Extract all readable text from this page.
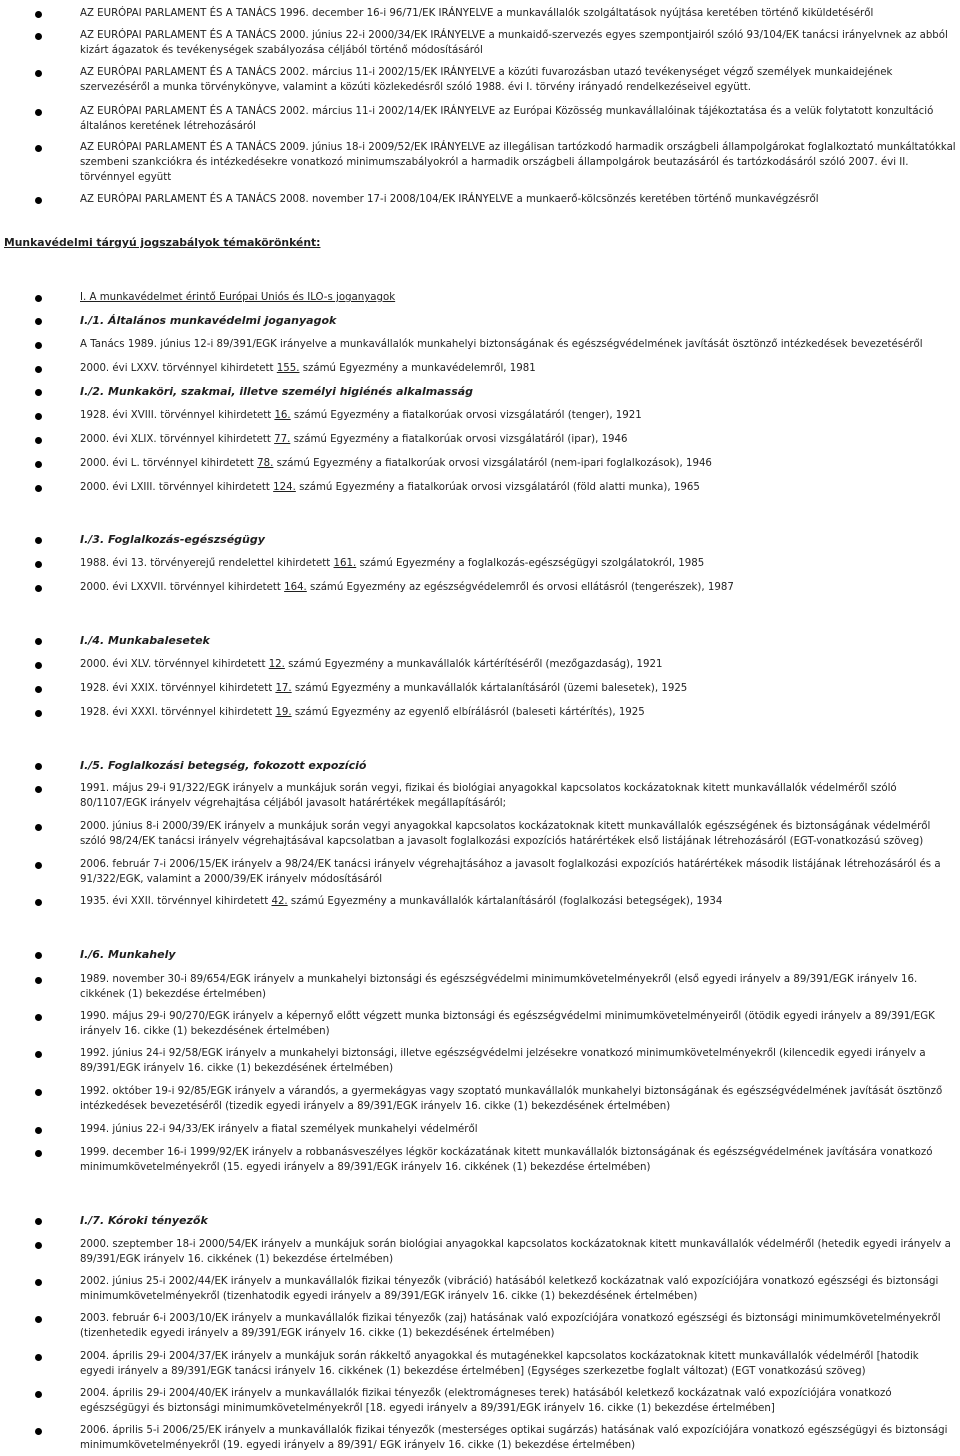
AZ EURÓPAI PARLAMENT ÉS A TANÁCS 1996. december 16-i 96/71/EK IRÁNYELVE a munkavállalók szolgáltatások nyújtása keretében történő kiküldetéséről
AZ EURÓPAI PARLAMENT ÉS A TANÁCS 2000. június 22-i 2000/34/EK IRÁNYELVE a munkaidő-szervezés egyes szempontjairól szóló 93/104/EK tanácsi irányelvnek az abból kizárt ágazatok és tevékenységek szabályozása céljából történő módosításáról
AZ EURÓPAI PARLAMENT ÉS A TANÁCS 2002. március 11-i 2002/15/EK IRÁNYELVE a közúti fuvarozásban utazó tevékenységet végző személyek munkaidejének szervezéséről a munka törvénykönyve, valamint a közúti közlekedésről szóló 1988. évi I. törvény irányadó rendelkezéseivel együtt.
AZ EURÓPAI PARLAMENT ÉS A TANÁCS 2002. március 11-i 2002/14/EK IRÁNYELVE az Európai Közösség munkavállalóinak tájékoztatása és a velük folytatott konzultáció általános keretének létrehozásáról
AZ EURÓPAI PARLAMENT ÉS A TANÁCS 2009. június 18-i 2009/52/EK IRÁNYELVE az illegálisan tartózkodó harmadik országbeli állampolgárokat foglalkoztató munkáltatókkal szembeni szankciókra és intézkedésekre vonatkozó minimumszabályokról a harmadik országbeli állampolgárok beutazásáról és tartózkodásáról szóló 2007. évi II. törvénnyel együtt
AZ EURÓPAI PARLAMENT ÉS A TANÁCS 2008. november 17-i 2008/104/EK IRÁNYELVE a munkaerő-kölcsönzés keretében történő munkavégzésről
Munkavédelmi tárgyú jogszabályok témakörönként:
I. A munkavédelmet érintő Európai Uniós és ILO-s joganyagok
I./1. Általános munkavédelmi joganyagok
A Tanács 1989. június 12-i 89/391/EGK irányelve a munkavállalók munkahelyi biztonságának és egészségvédelmének javítását ösztönző intézkedések bevezetéséről
2000. évi LXXV. törvénnyel kihirdetett 155. számú Egyezmény a munkavédelemről, 1981
I./2. Munkaköri, szakmai, illetve személyi higiénés alkalmasság
1928. évi XVIII. törvénnyel kihirdetett 16. számú Egyezmény a fiatalkorúak orvosi vizsgálatáról (tenger), 1921
2000. évi XLIX. törvénnyel kihirdetett 77. számú Egyezmény a fiatalkorúak orvosi vizsgálatáról (ipar), 1946
2000. évi L. törvénnyel kihirdetett 78. számú Egyezmény a fiatalkorúak orvosi vizsgálatáról (nem-ipari foglalkozások), 1946
2000. évi LXIII. törvénnyel kihirdetett 124. számú Egyezmény a fiatalkorúak orvosi vizsgálatáról (föld alatti munka), 1965
I./3. Foglalkozás-egészségügy
1988. évi 13. törvényerejű rendelettel kihirdetett 161. számú Egyezmény a foglalkozás-egészségügyi szolgálatokról, 1985
2000. évi LXXVII. törvénnyel kihirdetett 164. számú Egyezmény az egészségvédelemről és orvosi ellátásról (tengerészek), 1987
I./4. Munkabalesetek
2000. évi XLV. törvénnyel kihirdetett 12. számú Egyezmény a munkavállalók kártérítéséről (mezőgazdaság), 1921
1928. évi XXIX. törvénnyel kihirdetett 17. számú Egyezmény a munkavállalók kártalanításáról (üzemi balesetek), 1925
1928. évi XXXI. törvénnyel kihirdetett 19. számú Egyezmény az egyenlő elbírálásról (baleseti kártérítés), 1925
I./5. Foglalkozási betegség, fokozott expozíció
1991. május 29-i 91/322/EGK irányelv a munkájuk során vegyi, fizikai és biológiai anyagokkal kapcsolatos kockázatoknak kitett munkavállalók védelméről szóló 80/1107/EGK irányelv végrehajtása céljából javasolt határértékek megállapításáról;
2000. június 8-i 2000/39/EK irányelv a munkájuk során vegyi anyagokkal kapcsolatos kockázatoknak kitett munkavállalók egészségének és biztonságának védelméről szóló 98/24/EK tanácsi irányelv végrehajtásával kapcsolatban a javasolt foglalkozási expozíciós határértékek első listájának létrehozásáról (EGT-vonatkozású szöveg)
2006. február 7-i 2006/15/EK irányelv a 98/24/EK tanácsi irányelv végrehajtásához a javasolt foglalkozási expozíciós határértékek második listájának létrehozásáról és a 91/322/EGK, valamint a 2000/39/EK irányelv módosításáról
1935. évi XXII. törvénnyel kihirdetett 42. számú Egyezmény a munkavállalók kártalanításáról (foglalkozási betegségek), 1934
I./6. Munkahely
1989. november 30-i 89/654/EGK irányelv a munkahelyi biztonsági és egészségvédelmi minimumkövetelményekről (első egyedi irányelv a 89/391/EGK irányelv 16. cikkének (1) bekezdése értelmében)
1990. május 29-i 90/270/EGK irányelv a képernyő előtt végzett munka biztonsági és egészségvédelmi minimumkövetelményeiről (ötödik egyedi irányelv a 89/391/EGK irányelv 16. cikke (1) bekezdésének értelmében)
1992. június 24-i 92/58/EGK irányelv a munkahelyi biztonsági, illetve egészségvédelmi jelzésekre vonatkozó minimumkövetelményekről (kilencedik egyedi irányelv a 89/391/EGK irányelv 16. cikke (1) bekezdésének értelmében)
1992. október 19-i 92/85/EGK irányelv a várandós, a gyermekágyas vagy szoptató munkavállalók munkahelyi biztonságának és egészségvédelmének javítását ösztönző intézkedések bevezetéséről (tizedik egyedi irányelv a 89/391/EGK irányelv 16. cikke (1) bekezdésének értelmében)
1994. június 22-i 94/33/EK irányelv a fiatal személyek munkahelyi védelméről
1999. december 16-i 1999/92/EK irányelv a robbanásveszélyes légkör kockázatának kitett munkavállalók biztonságának és egészségvédelmének javítására vonatkozó minimumkövetelményekről (15. egyedi irányelv a 89/391/EGK irányelv 16. cikkének (1) bekezdése értelmében)
I./7. Kóroki tényezők
2000. szeptember 18-i 2000/54/EK irányelv a munkájuk során biológiai anyagokkal kapcsolatos kockázatoknak kitett munkavállalók védelméről (hetedik egyedi irányelv a 89/391/EGK irányelv 16. cikkének (1) bekezdése értelmében)
2002. június 25-i 2002/44/EK irányelv a munkavállalók fizikai tényezők (vibráció) hatásából keletkező kockázatnak való expozíciójára vonatkozó egészségi és biztonsági minimumkövetelményekről (tizenhatodik egyedi irányelv a 89/391/EGK irányelv 16. cikke (1) bekezdésének értelmében)
2003. február 6-i 2003/10/EK irányelv a munkavállalók fizikai tényezők (zaj) hatásának való expozíciójára vonatkozó egészségi és biztonsági minimumkövetelményekről (tizenhetedik egyedi irányelv a 89/391/EGK irányelv 16. cikke (1) bekezdésének értelmében)
2004. április 29-i 2004/37/EK irányelv a munkájuk során rákkeltő anyagokkal és mutagénekkel kapcsolatos kockázatoknak kitett munkavállalók védelméről [hatodik egyedi irányelv a 89/391/EGK tanácsi irányelv 16. cikkének (1) bekezdése értelmében] (Egységes szerkezetbe foglalt változat) (EGT vonatkozású szöveg)
2004. április 29-i 2004/40/EK irányelv a munkavállalók fizikai tényezők (elektromágneses terek) hatásából keletkező kockázatnak való expozíciójára vonatkozó egészségügyi és biztonsági minimumkövetelményekről [18. egyedi irányelv a 89/391/EGK irányelv 16. cikke (1) bekezdése értelmében]
2006. április 5-i 2006/25/EK irányelv a munkavállalók fizikai tényezők (mesterséges optikai sugárzás) hatásának való expozíciójára vonatkozó egészségügyi és biztonsági minimumkövetelményekről (19. egyedi irányelv a 89/391/ EGK irányelv 16. cikke (1) bekezdése értelmében)
